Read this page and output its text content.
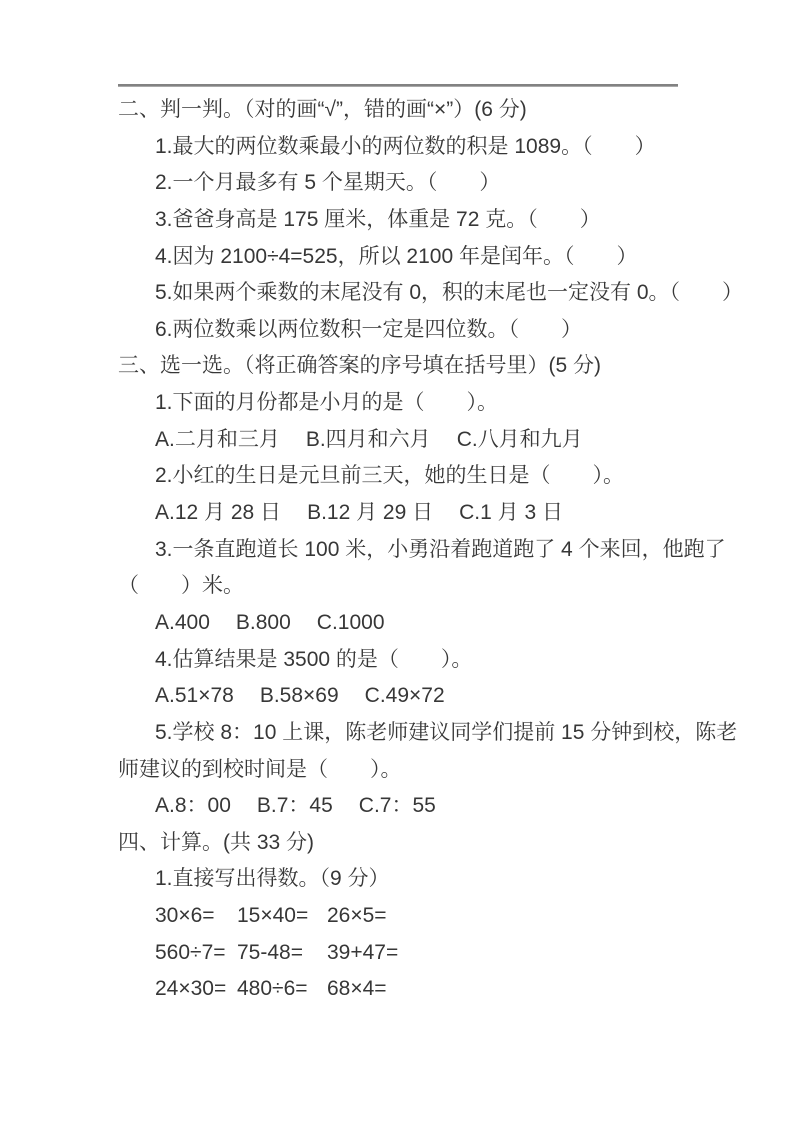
二、判一判。（对的画“√”，错的画“×”）(6 分)
1.最大的两位数乘最小的两位数的积是 1089。（　　）
2.一个月最多有 5 个星期天。（　　）
3.爸爸身高是 175 厘米，体重是 72 克。（　　）
4.因为 2100÷4=525，所以 2100 年是闰年。（　　）
5.如果两个乘数的末尾没有 0，积的末尾也一定没有 0。（　　）
6.两位数乘以两位数积一定是四位数。（　　）
三、选一选。（将正确答案的序号填在括号里）(5 分)
1.下面的月份都是小月的是（　　）。
A.二月和三月 B.四月和六月 C.八月和九月
2.小红的生日是元旦前三天，她的生日是（　　）。
A.12 月 28 日 B.12 月 29 日 C.1 月 3 日
3.一条直跑道长 100 米，小勇沿着跑道跑了 4 个来回，他跑了
（　　）米。
A.400 B.800 C.1000
4.估算结果是 3500 的是（　　）。
A.51×78 B.58×69 C.49×72
5.学校 8：10 上课，陈老师建议同学们提前 15 分钟到校，陈老
师建议的到校时间是（　　）。
A.8：00 B.7：45 C.7：55
四、计算。(共 33 分)
1.直接写出得数。（9 分）
30×6=	15×40= 26×5=
560÷7= 75-48=	39+47=
24×30= 480÷6= 68×4=
